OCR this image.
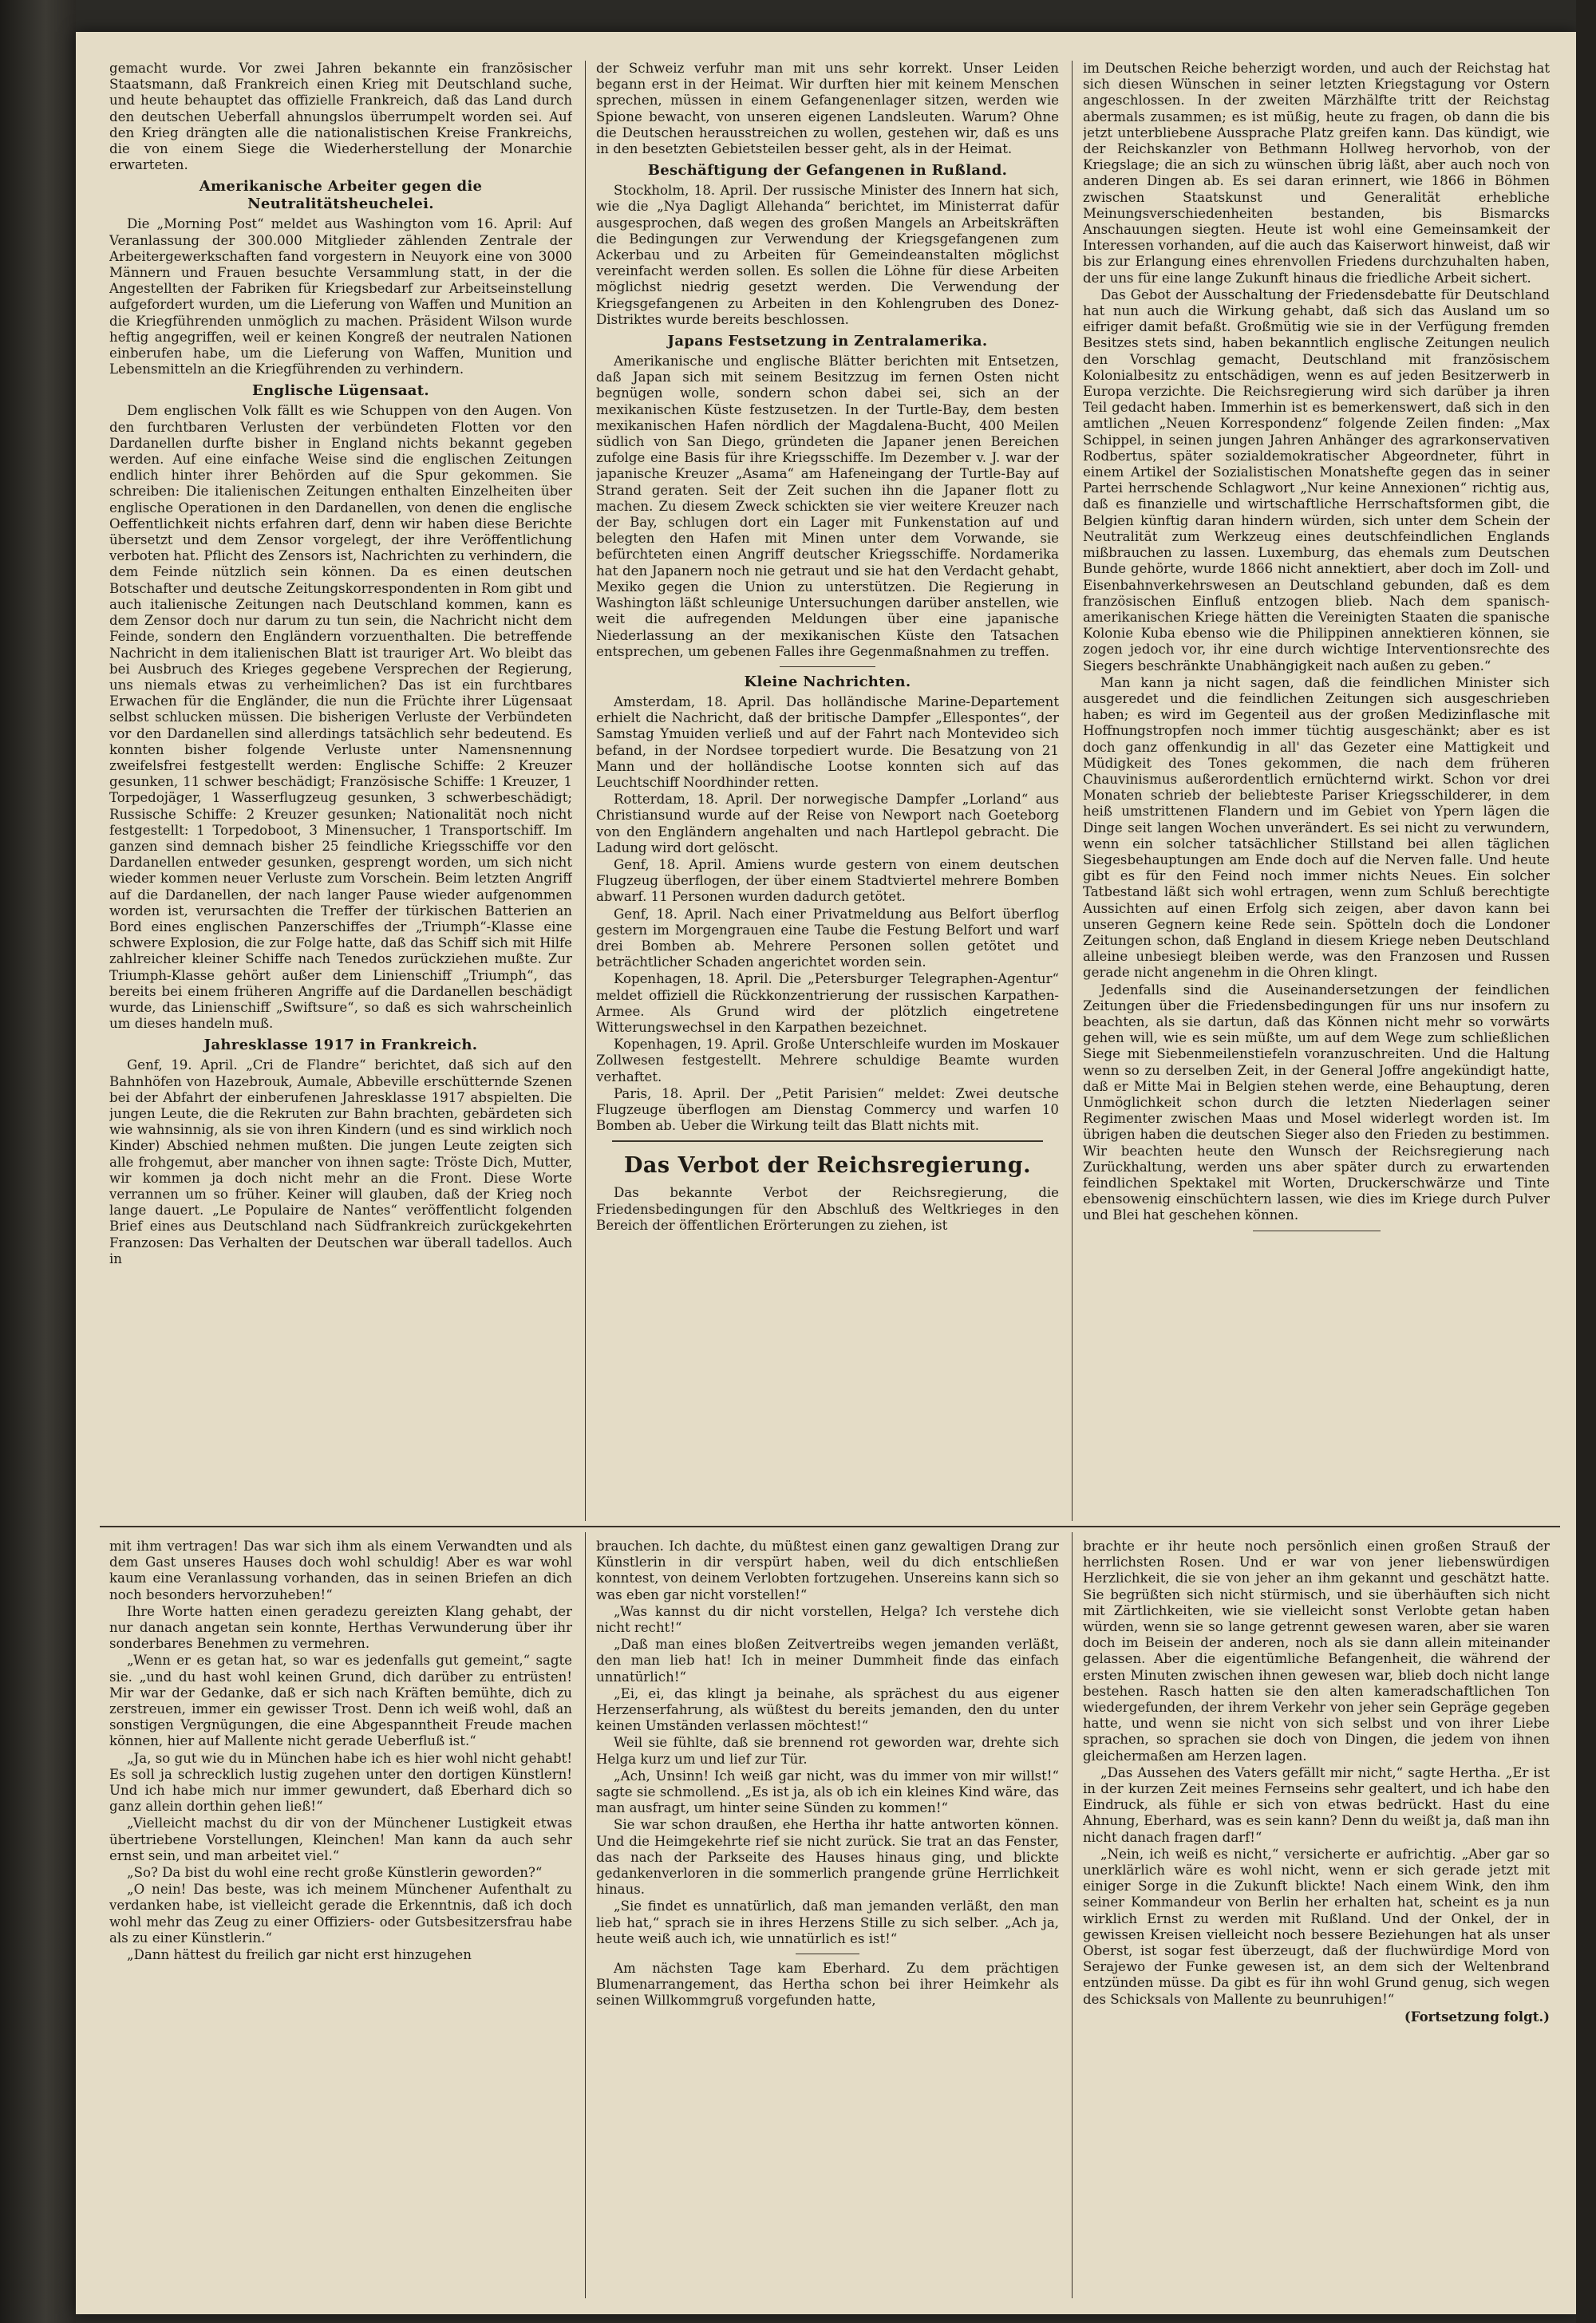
gemacht wurde. Vor zwei Jahren bekannte ein französischer Staatsmann, daß Frankreich einen Krieg mit Deutschland suche, und heute behauptet das offizielle Frankreich, daß das Land durch den deutschen Ueberfall ahnungslos überrumpelt worden sei. Auf den Krieg drängten alle die nationalistischen Kreise Frankreichs, die von einem Siege die Wiederherstellung der Monarchie erwarteten.

Amerikanische Arbeiter gegen die Neutralitätsheuchelei.

Die „Morning Post“ meldet aus Washington vom 16. April: Auf Veranlassung der 300.000 Mitglieder zählenden Zentrale der Arbeitergewerkschaften fand vorgestern in Neuyork eine von 3000 Männern und Frauen besuchte Versammlung statt, in der die Angestellten der Fabriken für Kriegsbedarf zur Arbeitseinstellung aufgefordert wurden, um die Lieferung von Waffen und Munition an die Kriegführenden unmöglich zu machen. Präsident Wilson wurde heftig angegriffen, weil er keinen Kongreß der neutralen Nationen einberufen habe, um die Lieferung von Waffen, Munition und Lebensmitteln an die Kriegführenden zu verhindern.

Englische Lügensaat.

Dem englischen Volk fällt es wie Schuppen von den Augen. Von den furchtbaren Verlusten der verbündeten Flotten vor den Dardanellen durfte bisher in England nichts bekannt gegeben werden. Auf eine einfache Weise sind die englischen Zeitungen endlich hinter ihrer Behörden auf die Spur gekommen. Sie schreiben: Die italienischen Zeitungen enthalten Einzelheiten über englische Operationen in den Dardanellen, von denen die englische Oeffentlichkeit nichts erfahren darf, denn wir haben diese Berichte übersetzt und dem Zensor vorgelegt, der ihre Veröffentlichung verboten hat. Pflicht des Zensors ist, Nachrichten zu verhindern, die dem Feinde nützlich sein können. Da es einen deutschen Botschafter und deutsche Zeitungskorrespondenten in Rom gibt und auch italienische Zeitungen nach Deutschland kommen, kann es dem Zensor doch nur darum zu tun sein, die Nachricht nicht dem Feinde, sondern den Engländern vorzuenthalten. Die betreffende Nachricht in dem italienischen Blatt ist trauriger Art. Wo bleibt das bei Ausbruch des Krieges gegebene Versprechen der Regierung, uns niemals etwas zu verheimlichen? Das ist ein furchtbares Erwachen für die Engländer, die nun die Früchte ihrer Lügensaat selbst schlucken müssen. Die bisherigen Verluste der Verbündeten vor den Dardanellen sind allerdings tatsächlich sehr bedeutend. Es konnten bisher folgende Verluste unter Namensnennung zweifelsfrei festgestellt werden: Englische Schiffe: 2 Kreuzer gesunken, 11 schwer beschädigt; Französische Schiffe: 1 Kreuzer, 1 Torpedojäger, 1 Wasserflugzeug gesunken, 3 schwerbeschädigt; Russische Schiffe: 2 Kreuzer gesunken; Nationalität noch nicht festgestellt: 1 Torpedoboot, 3 Minensucher, 1 Transportschiff. Im ganzen sind demnach bisher 25 feindliche Kriegsschiffe vor den Dardanellen entweder gesunken, gesprengt worden, um sich nicht wieder kommen neuer Verluste zum Vorschein. Beim letzten Angriff auf die Dardanellen, der nach langer Pause wieder aufgenommen worden ist, verursachten die Treffer der türkischen Batterien an Bord eines englischen Panzerschiffes der „Triumph“-Klasse eine schwere Explosion, die zur Folge hatte, daß das Schiff sich mit Hilfe zahlreicher kleiner Schiffe nach Tenedos zurückziehen mußte. Zur Triumph-Klasse gehört außer dem Linienschiff „Triumph“, das bereits bei einem früheren Angriffe auf die Dardanellen beschädigt wurde, das Linienschiff „Swiftsure“, so daß es sich wahrscheinlich um dieses handeln muß.

Jahresklasse 1917 in Frankreich.

Genf, 19. April. „Cri de Flandre“ berichtet, daß sich auf den Bahnhöfen von Hazebrouk, Aumale, Abbeville erschütternde Szenen bei der Abfahrt der einberufenen Jahresklasse 1917 abspielten. Die jungen Leute, die die Rekruten zur Bahn brachten, gebärdeten sich wie wahnsinnig, als sie von ihren Kindern (und es sind wirklich noch Kinder) Abschied nehmen mußten. Die jungen Leute zeigten sich alle frohgemut, aber mancher von ihnen sagte: Tröste Dich, Mutter, wir kommen ja doch nicht mehr an die Front. Diese Worte verrannen um so früher. Keiner will glauben, daß der Krieg noch lange dauert. „Le Populaire de Nantes“ veröffentlicht folgenden Brief eines aus Deutschland nach Südfrankreich zurückgekehrten Franzosen: Das Verhalten der Deutschen war überall tadellos. Auch in

der Schweiz verfuhr man mit uns sehr korrekt. Unser Leiden begann erst in der Heimat. Wir durften hier mit keinem Menschen sprechen, müssen in einem Gefangenenlager sitzen, werden wie Spione bewacht, von unseren eigenen Landsleuten. Warum? Ohne die Deutschen herausstreichen zu wollen, gestehen wir, daß es uns in den besetzten Gebietsteilen besser geht, als in der Heimat.

Beschäftigung der Gefangenen in Rußland.

Stockholm, 18. April. Der russische Minister des Innern hat sich, wie die „Nya Dagligt Allehanda“ berichtet, im Ministerrat dafür ausgesprochen, daß wegen des großen Mangels an Arbeitskräften die Bedingungen zur Verwendung der Kriegsgefangenen zum Ackerbau und zu Arbeiten für Gemeindeanstalten möglichst vereinfacht werden sollen. Es sollen die Löhne für diese Arbeiten möglichst niedrig gesetzt werden. Die Verwendung der Kriegsgefangenen zu Arbeiten in den Kohlengruben des Donez-Distriktes wurde bereits beschlossen.

Japans Festsetzung in Zentralamerika.

Amerikanische und englische Blätter berichten mit Entsetzen, daß Japan sich mit seinem Besitzzug im fernen Osten nicht begnügen wolle, sondern schon dabei sei, sich an der mexikanischen Küste festzusetzen. In der Turtle-Bay, dem besten mexikanischen Hafen nördlich der Magdalena-Bucht, 400 Meilen südlich von San Diego, gründeten die Japaner jenen Bereichen zufolge eine Basis für ihre Kriegsschiffe. Im Dezember v. J. war der japanische Kreuzer „Asama“ am Hafeneingang der Turtle-Bay auf Strand geraten. Seit der Zeit suchen ihn die Japaner flott zu machen. Zu diesem Zweck schickten sie vier weitere Kreuzer nach der Bay, schlugen dort ein Lager mit Funkenstation auf und belegten den Hafen mit Minen unter dem Vorwande, sie befürchteten einen Angriff deutscher Kriegsschiffe. Nordamerika hat den Japanern noch nie getraut und sie hat den Verdacht gehabt, Mexiko gegen die Union zu unterstützen. Die Regierung in Washington läßt schleunige Untersuchungen darüber anstellen, wie weit die aufregenden Meldungen über eine japanische Niederlassung an der mexikanischen Küste den Tatsachen entsprechen, um gebenen Falles ihre Gegenmaßnahmen zu treffen.

Kleine Nachrichten.

Amsterdam, 18. April. Das holländische Marine-Departement erhielt die Nachricht, daß der britische Dampfer „Ellespontes“, der Samstag Ymuiden verließ und auf der Fahrt nach Montevideo sich befand, in der Nordsee torpediert wurde. Die Besatzung von 21 Mann und der holländische Lootse konnten sich auf das Leuchtschiff Noordhinder retten.

Rotterdam, 18. April. Der norwegische Dampfer „Lorland“ aus Christiansund wurde auf der Reise von Newport nach Goeteborg von den Engländern angehalten und nach Hartlepol gebracht. Die Ladung wird dort gelöscht.

Genf, 18. April. Amiens wurde gestern von einem deutschen Flugzeug überflogen, der über einem Stadtviertel mehrere Bomben abwarf. 11 Personen wurden dadurch getötet.

Genf, 18. April. Nach einer Privatmeldung aus Belfort überflog gestern im Morgengrauen eine Taube die Festung Belfort und warf drei Bomben ab. Mehrere Personen sollen getötet und beträchtlicher Schaden angerichtet worden sein.

Kopenhagen, 18. April. Die „Petersburger Telegraphen-Agentur“ meldet offiziell die Rückkonzentrierung der russischen Karpathen-Armee. Als Grund wird der plötzlich eingetretene Witterungswechsel in den Karpathen bezeichnet.

Kopenhagen, 19. April. Große Unterschleife wurden im Moskauer Zollwesen festgestellt. Mehrere schuldige Beamte wurden verhaftet.

Paris, 18. April. Der „Petit Parisien“ meldet: Zwei deutsche Flugzeuge überflogen am Dienstag Commercy und warfen 10 Bomben ab. Ueber die Wirkung teilt das Blatt nichts mit.

Das Verbot der Reichsregierung.

Das bekannte Verbot der Reichsregierung, die Friedensbedingungen für den Abschluß des Weltkrieges in den Bereich der öffentlichen Erörterungen zu ziehen, ist

im Deutschen Reiche beherzigt worden, und auch der Reichstag hat sich diesen Wünschen in seiner letzten Kriegstagung vor Ostern angeschlossen. In der zweiten Märzhälfte tritt der Reichstag abermals zusammen; es ist müßig, heute zu fragen, ob dann die bis jetzt unterbliebene Aussprache Platz greifen kann. Das kündigt, wie der Reichskanzler von Bethmann Hollweg hervorhob, von der Kriegslage; die an sich zu wünschen übrig läßt, aber auch noch von anderen Dingen ab. Es sei daran erinnert, wie 1866 in Böhmen zwischen Staatskunst und Generalität erhebliche Meinungsverschiedenheiten bestanden, bis Bismarcks Anschauungen siegten. Heute ist wohl eine Gemeinsamkeit der Interessen vorhanden, auf die auch das Kaiserwort hinweist, daß wir bis zur Erlangung eines ehrenvollen Friedens durchzuhalten haben, der uns für eine lange Zukunft hinaus die friedliche Arbeit sichert.

Das Gebot der Ausschaltung der Friedensdebatte für Deutschland hat nun auch die Wirkung gehabt, daß sich das Ausland um so eifriger damit befaßt. Großmütig wie sie in der Verfügung fremden Besitzes stets sind, haben bekanntlich englische Zeitungen neulich den Vorschlag gemacht, Deutschland mit französischem Kolonialbesitz zu entschädigen, wenn es auf jeden Besitzerwerb in Europa verzichte. Die Reichsregierung wird sich darüber ja ihren Teil gedacht haben. Immerhin ist es bemerkenswert, daß sich in den amtlichen „Neuen Korrespondenz“ folgende Zeilen finden: „Max Schippel, in seinen jungen Jahren Anhänger des agrarkonservativen Rodbertus, später sozialdemokratischer Abgeordneter, führt in einem Artikel der Sozialistischen Monatshefte gegen das in seiner Partei herrschende Schlagwort „Nur keine Annexionen“ richtig aus, daß es finanzielle und wirtschaftliche Herrschaftsformen gibt, die Belgien künftig daran hindern würden, sich unter dem Schein der Neutralität zum Werkzeug eines deutschfeindlichen Englands mißbrauchen zu lassen. Luxemburg, das ehemals zum Deutschen Bunde gehörte, wurde 1866 nicht annektiert, aber doch im Zoll- und Eisenbahnverkehrswesen an Deutschland gebunden, daß es dem französischen Einfluß entzogen blieb. Nach dem spanisch-amerikanischen Kriege hätten die Vereinigten Staaten die spanische Kolonie Kuba ebenso wie die Philippinen annektieren können, sie zogen jedoch vor, ihr eine durch wichtige Interventionsrechte des Siegers beschränkte Unabhängigkeit nach außen zu geben.“

Man kann ja nicht sagen, daß die feindlichen Minister sich ausgeredet und die feindlichen Zeitungen sich ausgeschrieben haben; es wird im Gegenteil aus der großen Medizinflasche mit Hoffnungstropfen noch immer tüchtig ausgeschänkt; aber es ist doch ganz offenkundig in all' das Gezeter eine Mattigkeit und Müdigkeit des Tones gekommen, die nach dem früheren Chauvinismus außerordentlich ernüchternd wirkt. Schon vor drei Monaten schrieb der beliebteste Pariser Kriegsschilderer, in dem heiß umstrittenen Flandern und im Gebiet von Ypern lägen die Dinge seit langen Wochen unverändert. Es sei nicht zu verwundern, wenn ein solcher tatsächlicher Stillstand bei allen täglichen Siegesbehauptungen am Ende doch auf die Nerven falle. Und heute gibt es für den Feind noch immer nichts Neues. Ein solcher Tatbestand läßt sich wohl ertragen, wenn zum Schluß berechtigte Aussichten auf einen Erfolg sich zeigen, aber davon kann bei unseren Gegnern keine Rede sein. Spötteln doch die Londoner Zeitungen schon, daß England in diesem Kriege neben Deutschland alleine unbesiegt bleiben werde, was den Franzosen und Russen gerade nicht angenehm in die Ohren klingt.

Jedenfalls sind die Auseinandersetzungen der feindlichen Zeitungen über die Friedensbedingungen für uns nur insofern zu beachten, als sie dartun, daß das Können nicht mehr so vorwärts gehen will, wie es sein müßte, um auf dem Wege zum schließlichen Siege mit Siebenmeilenstiefeln voranzuschreiten. Und die Haltung wenn so zu derselben Zeit, in der General Joffre angekündigt hatte, daß er Mitte Mai in Belgien stehen werde, eine Behauptung, deren Unmöglichkeit schon durch die letzten Niederlagen seiner Regimenter zwischen Maas und Mosel widerlegt worden ist. Im übrigen haben die deutschen Sieger also den Frieden zu bestimmen. Wir beachten heute den Wunsch der Reichsregierung nach Zurückhaltung, werden uns aber später durch zu erwartenden feindlichen Spektakel mit Worten, Druckerschwärze und Tinte ebensowenig einschüchtern lassen, wie dies im Kriege durch Pulver und Blei hat geschehen können.

mit ihm vertragen! Das war sich ihm als einem Verwandten und als dem Gast unseres Hauses doch wohl schuldig! Aber es war wohl kaum eine Veranlassung vorhanden, das in seinen Briefen an dich noch besonders hervorzuheben!“

Ihre Worte hatten einen geradezu gereizten Klang gehabt, der nur danach angetan sein konnte, Herthas Verwunderung über ihr sonderbares Benehmen zu vermehren.

„Wenn er es getan hat, so war es jedenfalls gut gemeint,“ sagte sie. „und du hast wohl keinen Grund, dich darüber zu entrüsten! Mir war der Gedanke, daß er sich nach Kräften bemühte, dich zu zerstreuen, immer ein gewisser Trost. Denn ich weiß wohl, daß an sonstigen Vergnügungen, die eine Abgespanntheit Freude machen können, hier auf Mallente nicht gerade Ueberfluß ist.“

„Ja, so gut wie du in München habe ich es hier wohl nicht gehabt! Es soll ja schrecklich lustig zugehen unter den dortigen Künstlern! Und ich habe mich nur immer gewundert, daß Eberhard dich so ganz allein dorthin gehen ließ!“

„Vielleicht machst du dir von der Münchener Lustigkeit etwas übertriebene Vorstellungen, Kleinchen! Man kann da auch sehr ernst sein, und man arbeitet viel.“

„So? Da bist du wohl eine recht große Künstlerin geworden?“

„O nein! Das beste, was ich meinem Münchener Aufenthalt zu verdanken habe, ist vielleicht gerade die Erkenntnis, daß ich doch wohl mehr das Zeug zu einer Offiziers- oder Gutsbesitzersfrau habe als zu einer Künstlerin.“

„Dann hättest du freilich gar nicht erst hinzugehen

brauchen. Ich dachte, du müßtest einen ganz gewaltigen Drang zur Künstlerin in dir verspürt haben, weil du dich entschließen konntest, von deinem Verlobten fortzugehen. Unsereins kann sich so was eben gar nicht vorstellen!“

„Was kannst du dir nicht vorstellen, Helga? Ich verstehe dich nicht recht!“

„Daß man eines bloßen Zeitvertreibs wegen jemanden verläßt, den man lieb hat! Ich in meiner Dummheit finde das einfach unnatürlich!“

„Ei, ei, das klingt ja beinahe, als sprächest du aus eigener Herzenserfahrung, als wüßtest du bereits jemanden, den du unter keinen Umständen verlassen möchtest!“

Weil sie fühlte, daß sie brennend rot geworden war, drehte sich Helga kurz um und lief zur Tür.

„Ach, Unsinn! Ich weiß gar nicht, was du immer von mir willst!“ sagte sie schmollend. „Es ist ja, als ob ich ein kleines Kind wäre, das man ausfragt, um hinter seine Sünden zu kommen!“

Sie war schon draußen, ehe Hertha ihr hatte antworten können. Und die Heimgekehrte rief sie nicht zurück. Sie trat an das Fenster, das nach der Parkseite des Hauses hinaus ging, und blickte gedankenverloren in die sommerlich prangende grüne Herrlichkeit hinaus.

„Sie findet es unnatürlich, daß man jemanden verläßt, den man lieb hat,“ sprach sie in ihres Herzens Stille zu sich selber. „Ach ja, heute weiß auch ich, wie unnatürlich es ist!“

Am nächsten Tage kam Eberhard. Zu dem prächtigen Blumenarrangement, das Hertha schon bei ihrer Heimkehr als seinen Willkommgruß vorgefunden hatte,

brachte er ihr heute noch persönlich einen großen Strauß der herrlichsten Rosen. Und er war von jener liebenswürdigen Herzlichkeit, die sie von jeher an ihm gekannt und geschätzt hatte. Sie begrüßten sich nicht stürmisch, und sie überhäuften sich nicht mit Zärtlichkeiten, wie sie vielleicht sonst Verlobte getan haben würden, wenn sie so lange getrennt gewesen waren, aber sie waren doch im Beisein der anderen, noch als sie dann allein miteinander gelassen. Aber die eigentümliche Befangenheit, die während der ersten Minuten zwischen ihnen gewesen war, blieb doch nicht lange bestehen. Rasch hatten sie den alten kameradschaftlichen Ton wiedergefunden, der ihrem Verkehr von jeher sein Gepräge gegeben hatte, und wenn sie nicht von sich selbst und von ihrer Liebe sprachen, so sprachen sie doch von Dingen, die jedem von ihnen gleichermaßen am Herzen lagen.

„Das Aussehen des Vaters gefällt mir nicht,“ sagte Hertha. „Er ist in der kurzen Zeit meines Fernseins sehr gealtert, und ich habe den Eindruck, als fühle er sich von etwas bedrückt. Hast du eine Ahnung, Eberhard, was es sein kann? Denn du weißt ja, daß man ihn nicht danach fragen darf!“

„Nein, ich weiß es nicht,“ versicherte er aufrichtig. „Aber gar so unerklärlich wäre es wohl nicht, wenn er sich gerade jetzt mit einiger Sorge in die Zukunft blickte! Nach einem Wink, den ihm seiner Kommandeur von Berlin her erhalten hat, scheint es ja nun wirklich Ernst zu werden mit Rußland. Und der Onkel, der in gewissen Kreisen vielleicht noch bessere Beziehungen hat als unser Oberst, ist sogar fest überzeugt, daß der fluchwürdige Mord von Serajewo der Funke gewesen ist, an dem sich der Weltenbrand entzünden müsse. Da gibt es für ihn wohl Grund genug, sich wegen des Schicksals von Mallente zu beunruhigen!“

(Fortsetzung folgt.)
